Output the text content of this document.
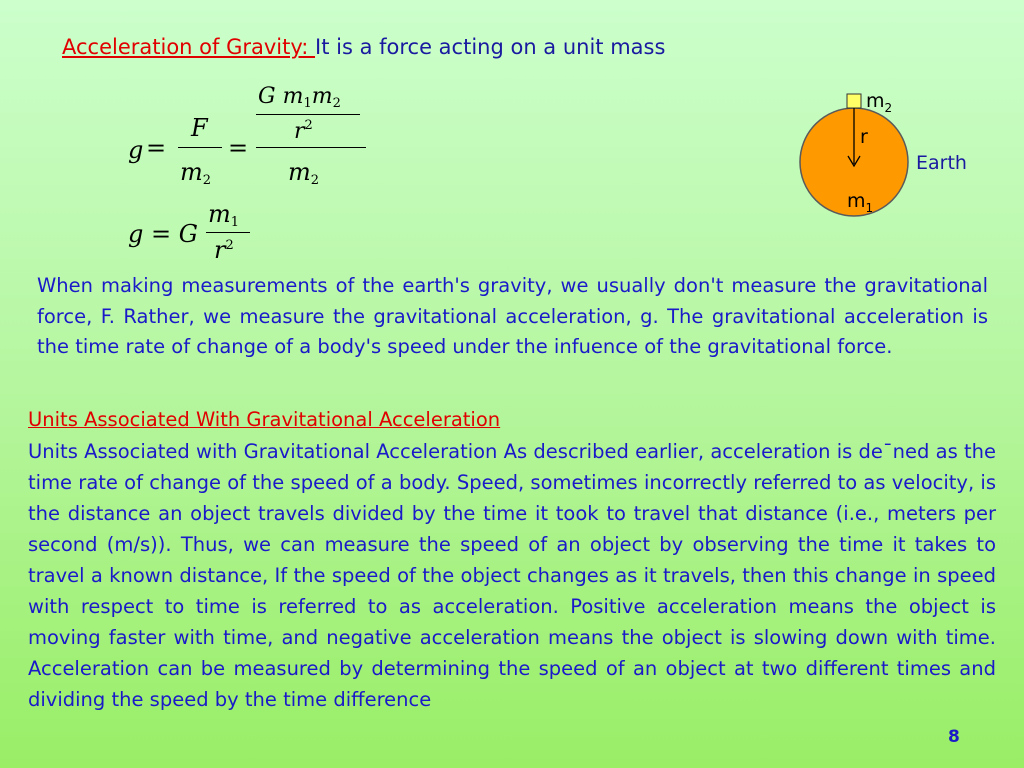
Acceleration of Gravity: It is a force acting on a unit mass
g =
F
$m_2$
=
G $m_1m_2$
$r^2$
$m_2$
g = G
$m_1$
$r^2$
$m_2$
r
Earth
$m_1$
When making measurements of the earth's gravity, we usually don't measure the gravitational force, F. Rather, we measure the gravitational acceleration, g. The gravitational acceleration is the time rate of change of a body's speed under the infuence of the gravitational force.
Units Associated With Gravitational Acceleration
Units Associated with Gravitational Acceleration As described earlier, acceleration is de¯ned as the time rate of change of the speed of a body. Speed, sometimes incorrectly referred to as velocity, is the distance an object travels divided by the time it took to travel that distance (i.e., meters per second (m/s)). Thus, we can measure the speed of an object by observing the time it takes to travel a known distance, If the speed of the object changes as it travels, then this change in speed with respect to time is referred to as acceleration. Positive acceleration means the object is moving faster with time, and negative acceleration means the object is slowing down with time. Acceleration can be measured by determining the speed of an object at two different times and dividing the speed by the time difference
8
